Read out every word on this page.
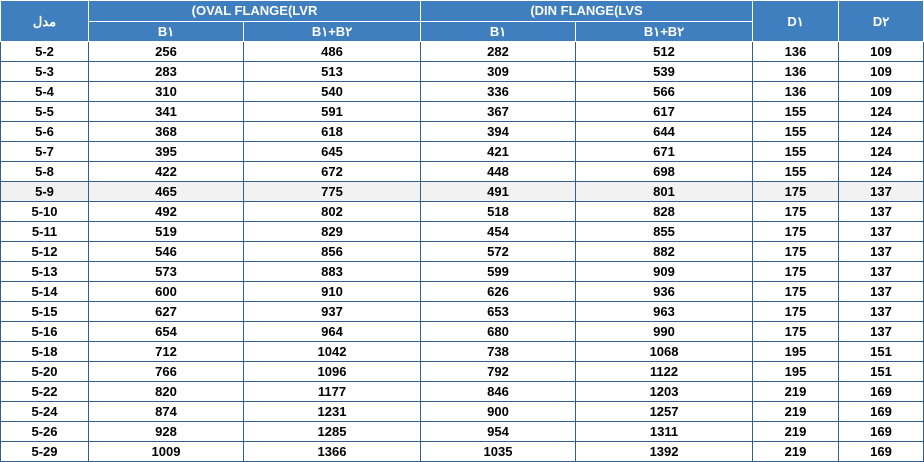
مدل	(OVAL FLANGE(LVR		(DIN FLANGE(LVS		D١	D٢
	B١	B١+B٢	B١	B١+B٢		
5-2	256	486	282	512	136	109
5-3	283	513	309	539	136	109
5-4	310	540	336	566	136	109
5-5	341	591	367	617	155	124
5-6	368	618	394	644	155	124
5-7	395	645	421	671	155	124
5-8	422	672	448	698	155	124
5-9	465	775	491	801	175	137
5-10	492	802	518	828	175	137
5-11	519	829	454	855	175	137
5-12	546	856	572	882	175	137
5-13	573	883	599	909	175	137
5-14	600	910	626	936	175	137
5-15	627	937	653	963	175	137
5-16	654	964	680	990	175	137
5-18	712	1042	738	1068	195	151
5-20	766	1096	792	1122	195	151
5-22	820	1177	846	1203	219	169
5-24	874	1231	900	1257	219	169
5-26	928	1285	954	1311	219	169
5-29	1009	1366	1035	1392	219	169
